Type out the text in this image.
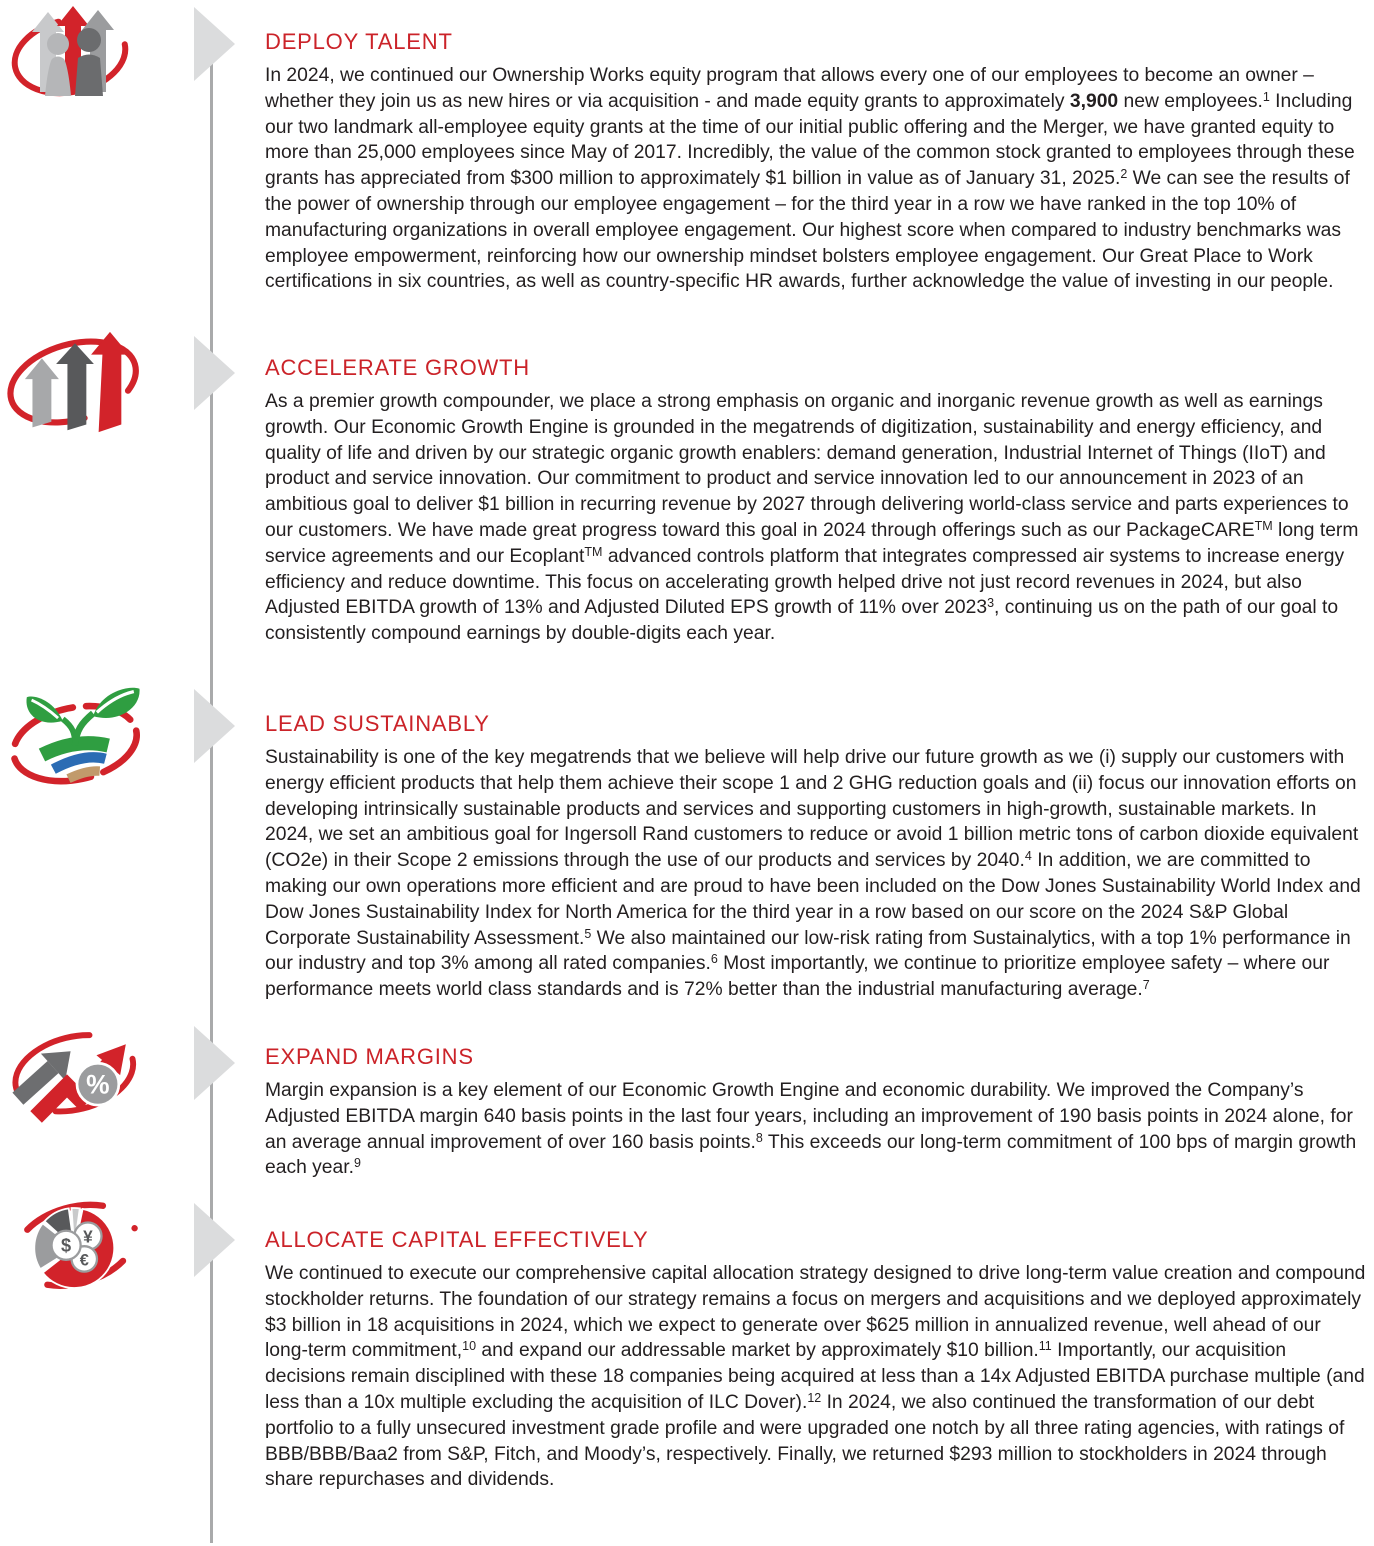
DEPLOY TALENT

In 2024, we continued our Ownership Works equity program that allows every one of our employees to become an owner – whether they join us as new hires or via acquisition - and made equity grants to approximately 3,900 new employees.$^1$ Including our two landmark all-employee equity grants at the time of our initial public offering and the Merger, we have granted equity to more than 25,000 employees since May of 2017. Incredibly, the value of the common stock granted to employees through these grants has appreciated from $300 million to approximately $1 billion in value as of January 31, 2025.$^2$ We can see the results of the power of ownership through our employee engagement – for the third year in a row we have ranked in the top 10% of manufacturing organizations in overall employee engagement. Our highest score when compared to industry benchmarks was employee empowerment, reinforcing how our ownership mindset bolsters employee engagement. Our Great Place to Work certifications in six countries, as well as country-specific HR awards, further acknowledge the value of investing in our people.

ACCELERATE GROWTH

As a premier growth compounder, we place a strong emphasis on organic and inorganic revenue growth as well as earnings growth. Our Economic Growth Engine is grounded in the megatrends of digitization, sustainability and energy efficiency, and quality of life and driven by our strategic organic growth enablers: demand generation, Industrial Internet of Things (IIoT) and product and service innovation. Our commitment to product and service innovation led to our announcement in 2023 of an ambitious goal to deliver $1 billion in recurring revenue by 2027 through delivering world-class service and parts experiences to our customers. We have made great progress toward this goal in 2024 through offerings such as our PackageCARE™ long term service agreements and our Ecoplant™ advanced controls platform that integrates compressed air systems to increase energy efficiency and reduce downtime. This focus on accelerating growth helped drive not just record revenues in 2024, but also Adjusted EBITDA growth of 13% and Adjusted Diluted EPS growth of 11% over 2023$^3$, continuing us on the path of our goal to consistently compound earnings by double-digits each year.

LEAD SUSTAINABLY

Sustainability is one of the key megatrends that we believe will help drive our future growth as we (i) supply our customers with energy efficient products that help them achieve their scope 1 and 2 GHG reduction goals and (ii) focus our innovation efforts on developing intrinsically sustainable products and services and supporting customers in high-growth, sustainable markets. In 2024, we set an ambitious goal for Ingersoll Rand customers to reduce or avoid 1 billion metric tons of carbon dioxide equivalent (CO2e) in their Scope 2 emissions through the use of our products and services by 2040.$^4$ In addition, we are committed to making our own operations more efficient and are proud to have been included on the Dow Jones Sustainability World Index and Dow Jones Sustainability Index for North America for the third year in a row based on our score on the 2024 S&P Global Corporate Sustainability Assessment.$^5$ We also maintained our low-risk rating from Sustainalytics, with a top 1% performance in our industry and top 3% among all rated companies.$^6$ Most importantly, we continue to prioritize employee safety – where our performance meets world class standards and is 72% better than the industrial manufacturing average.$^7$

%
EXPAND MARGINS

Margin expansion is a key element of our Economic Growth Engine and economic durability. We improved the Company’s Adjusted EBITDA margin 640 basis points in the last four years, including an improvement of 190 basis points in 2024 alone, for an average annual improvement of over 160 basis points.$^8$ This exceeds our long-term commitment of 100 bps of margin growth each year.$^9$

¥
€
$	ALLOCATE CAPITAL EFFECTIVELY

We continued to execute our comprehensive capital allocation strategy designed to drive long-term value creation and compound stockholder returns. The foundation of our strategy remains a focus on mergers and acquisitions and we deployed approximately $3 billion in 18 acquisitions in 2024, which we expect to generate over $625 million in annualized revenue, well ahead of our long-term commitment,$^{10}$ and expand our addressable market by approximately $10 billion.$^{11}$ Importantly, our acquisition decisions remain disciplined with these 18 companies being acquired at less than a 14x Adjusted EBITDA purchase multiple (and less than a 10x multiple excluding the acquisition of ILC Dover).$^{12}$ In 2024, we also continued the transformation of our debt portfolio to a fully unsecured investment grade profile and were upgraded one notch by all three rating agencies, with ratings of BBB/BBB/Baa2 from S&P, Fitch, and Moody’s, respectively. Finally, we returned $293 million to stockholders in 2024 through share repurchases and dividends.
